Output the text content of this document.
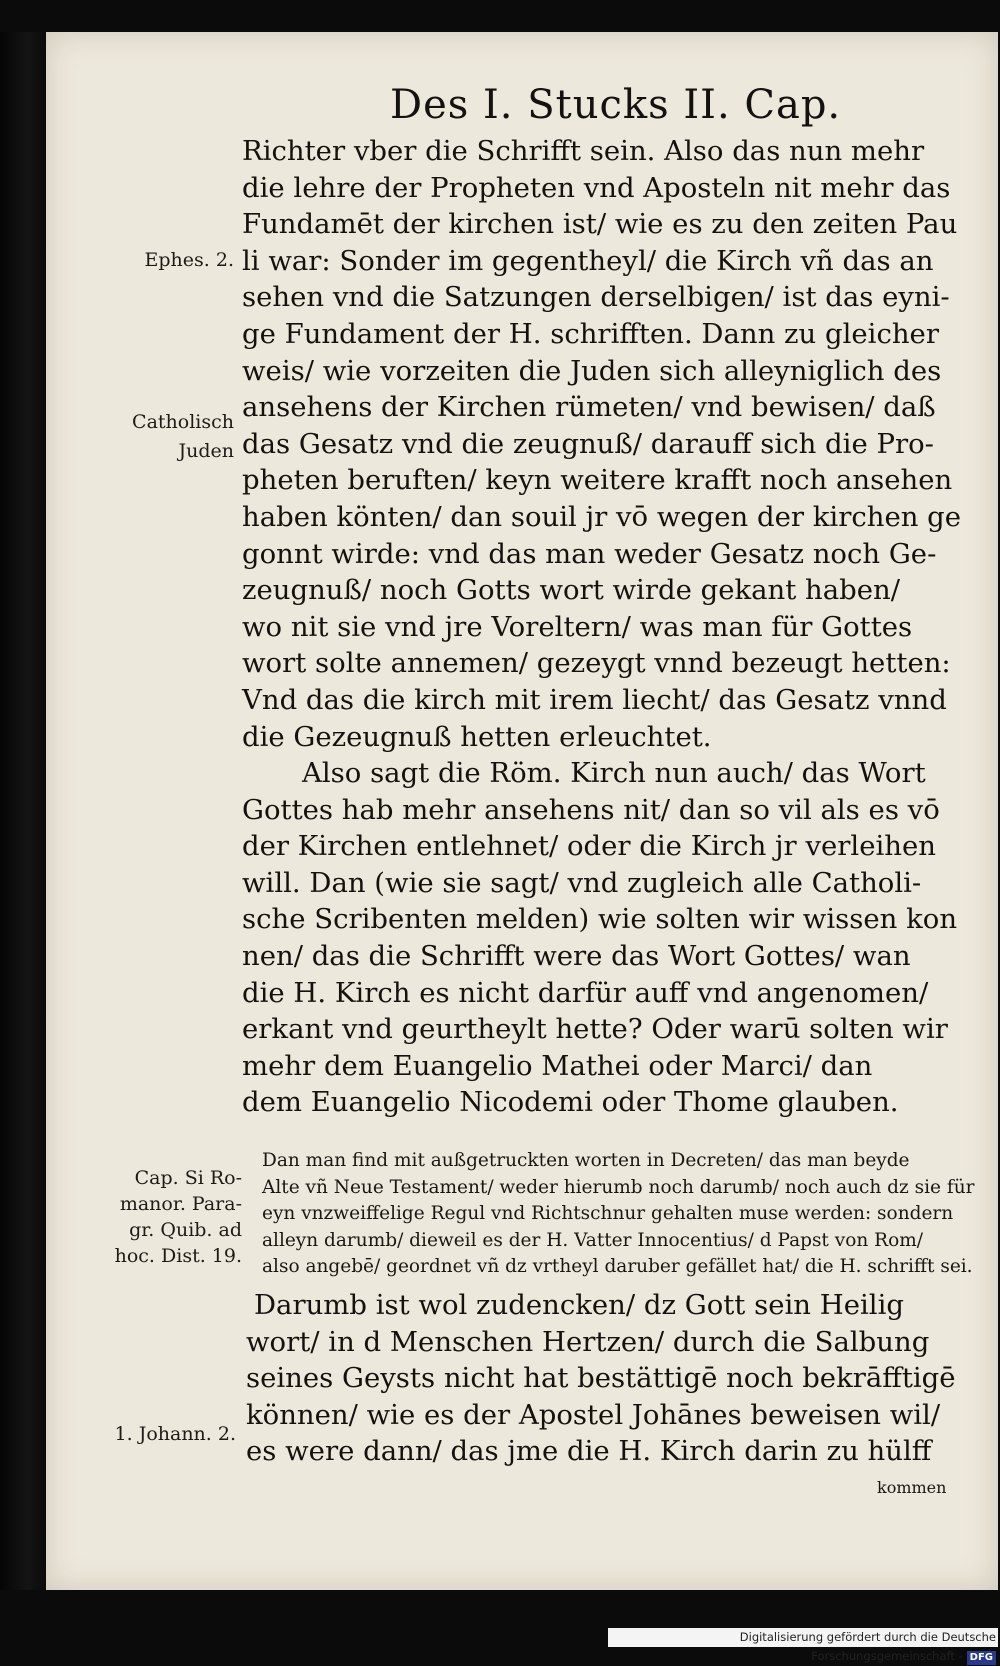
Des I. Stucks II. Cap.
Richter vber die Schrifft sein. Also das nun mehr
die lehre der Propheten vnd Aposteln nit mehr das
Fundamēt der kirchen ist/ wie es zu den zeiten Pau
li war: Sonder im gegentheyl/ die Kirch vñ das an
sehen vnd die Satzungen derselbigen/ ist das eyni-
ge Fundament der H. schrifften. Dann zu gleicher
weis/ wie vorzeiten die Juden sich alleyniglich des
ansehens der Kirchen rümeten/ vnd bewisen/ daß
das Gesatz vnd die zeugnuß/ darauff sich die Pro-
pheten beruften/ keyn weitere krafft noch ansehen
haben könten/ dan souil jr vō wegen der kirchen ge
gonnt wirde: vnd das man weder Gesatz noch Ge-
zeugnuß/ noch Gotts wort wirde gekant haben/
wo nit sie vnd jre Voreltern/ was man für Gottes
wort solte annemen/ gezeygt vnnd bezeugt hetten:
Vnd das die kirch mit irem liecht/ das Gesatz vnnd
die Gezeugnuß hetten erleuchtet.
Also sagt die Röm. Kirch nun auch/ das Wort
Gottes hab mehr ansehens nit/ dan so vil als es vō
der Kirchen entlehnet/ oder die Kirch jr verleihen
will. Dan (wie sie sagt/ vnd zugleich alle Catholi-
sche Scribenten melden) wie solten wir wissen kon
nen/ das die Schrifft were das Wort Gottes/ wan
die H. Kirch es nicht darfür auff vnd angenomen/
erkant vnd geurtheylt hette? Oder warū solten wir
mehr dem Euangelio Mathei oder Marci/ dan
dem Euangelio Nicodemi oder Thome glauben.
Dan man find mit außgetruckten worten in Decreten/ das man beyde
Alte vñ Neue Testament/ weder hierumb noch darumb/ noch auch dz sie für
eyn vnzweiffelige Regul vnd Richtschnur gehalten muse werden: sondern
alleyn darumb/ dieweil es der H. Vatter Innocentius/ d Papst von Rom/
also angebē/ geordnet vñ dz vrtheyl daruber gefället hat/ die H. schrifft sei.
Darumb ist wol zudencken/ dz Gott sein Heilig
wort/ in d Menschen Hertzen/ durch die Salbung
seines Geysts nicht hat bestättigē noch bekrāfftigē
können/ wie es der Apostel Johānes beweisen wil/
es were dann/ das jme die H. Kirch darin zu hülff
Ephes. 2.
Catholisch
Juden
Cap. Si Ro-
manor. Para-
gr. Quib. ad
hoc. Dist. 19.
1. Johann. 2.
kommen
Digitalisierung gefördert durch die Deutsche Forschungsgemeinschaft - DFG
